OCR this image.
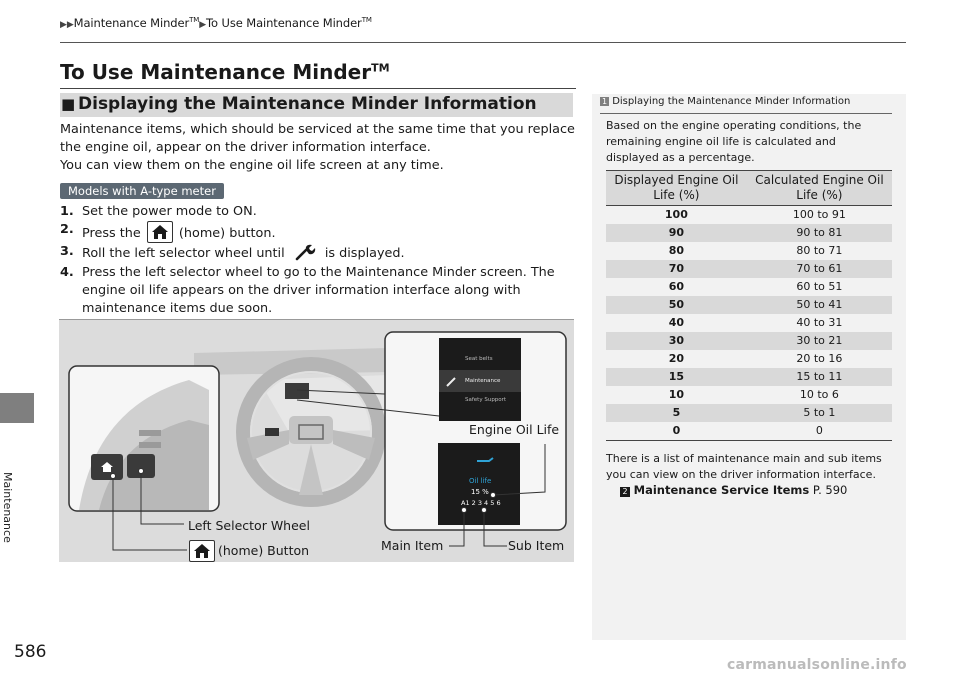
▶▶Maintenance Minder™▶To Use Maintenance Minder™
Maintenance
To Use Maintenance Minder™
■ Displaying the Maintenance Minder Information
Maintenance items, which should be serviced at the same time that you replace the engine oil, appear on the driver information interface.
You can view them on the engine oil life screen at any time.
Models with A-type meter
1. Set the power mode to ON.
2. Press the	(home) button.
3. Roll the left selector wheel until	is displayed.
4. Press the left selector wheel to go to the Maintenance Minder screen. The engine oil life appears on the driver information interface along with maintenance items due soon.
Seat belts
Maintenance
Safety Support
Oil life
15 %
A1 2 3 4 5 6
Engine Oil Life
Left Selector Wheel
(home) Button	Main Item	Sub Item
1 Displaying the Maintenance Minder Information
Based on the engine operating conditions, the remaining engine oil life is calculated and displayed as a percentage.
Displayed Engine Oil Life (%)	Calculated Engine Oil Life (%)
100	100 to 91
90	90 to 81
80	80 to 71
70	70 to 61
60	60 to 51
50	50 to 41
40	40 to 31
30	30 to 21
20	20 to 16
15	15 to 11
10	10 to 6
5	5 to 1
0	0
There is a list of maintenance main and sub items you can view on the driver information interface.
2 Maintenance Service Items P. 590
586
carmanualsonline.info
